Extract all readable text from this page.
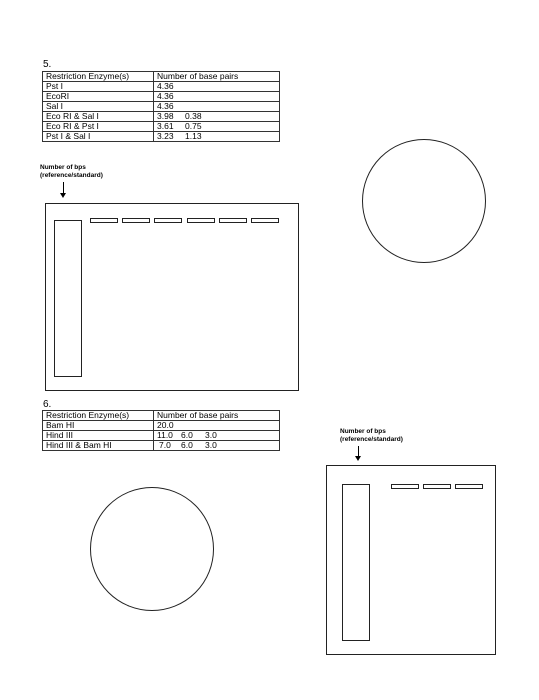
5.
Restriction Enzyme(s)	Number of base pairs
Pst I	4.36
EcoRI	4.36
Sal I	4.36
Eco RI & Sal I	3.98 0.38
Eco RI & Pst I	3.61 0.75
Pst I & Sal I	3.23 1.13
Number of bps
(reference/standard)
6.
Restriction Enzyme(s)	Number of base pairs
Bam HI	20.0
Hind III	11.0 6.0 3.0
Hind III & Bam HI	7.0 6.0 3.0
Number of bps
(reference/standard)
